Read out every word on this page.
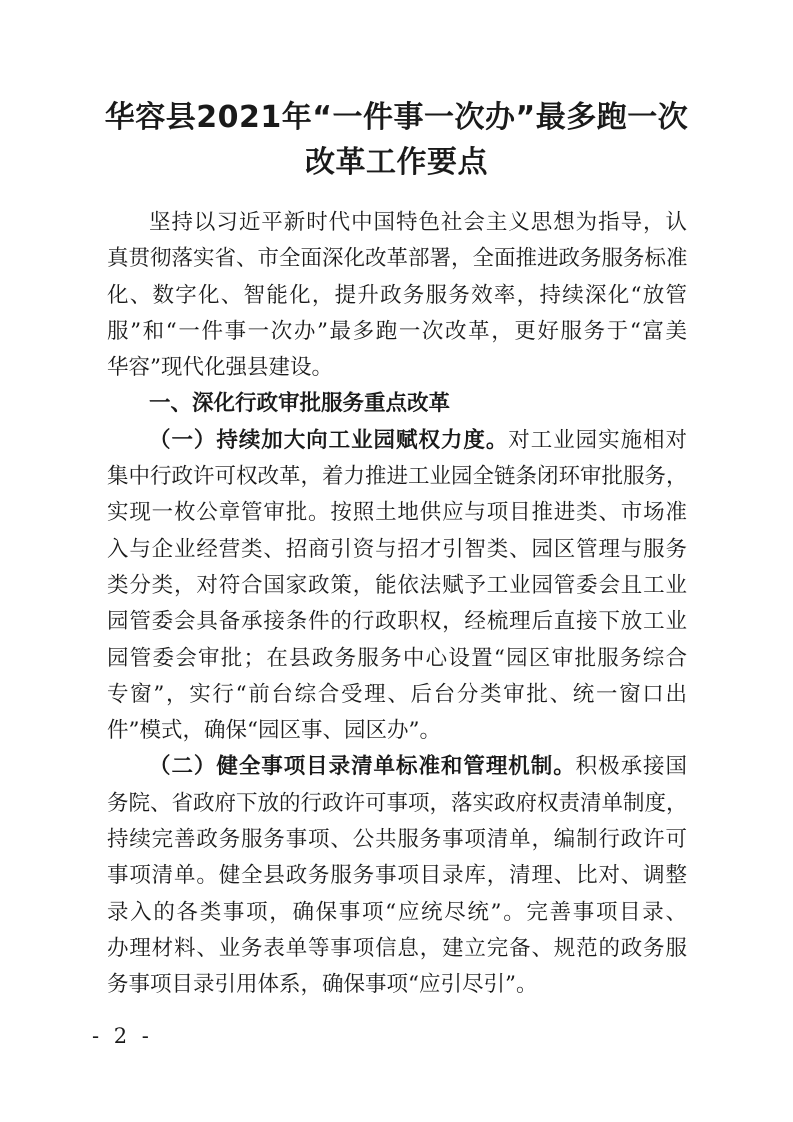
华容县2021年“一件事一次办”最多跑一次
改革工作要点
坚持以习近平新时代中国特色社会主义思想为指导，认
真贯彻落实省、市全面深化改革部署，全面推进政务服务标准
化、数字化、智能化，提升政务服务效率，持续深化“放管
服”和“一件事一次办”最多跑一次改革，更好服务于“富美
华容”现代化强县建设。
一、深化行政审批服务重点改革
（一）持续加大向工业园赋权力度。对工业园实施相对
集中行政许可权改革，着力推进工业园全链条闭环审批服务，
实现一枚公章管审批。按照土地供应与项目推进类、市场准
入与企业经营类、招商引资与招才引智类、园区管理与服务
类分类，对符合国家政策，能依法赋予工业园管委会且工业
园管委会具备承接条件的行政职权，经梳理后直接下放工业
园管委会审批；在县政务服务中心设置“园区审批服务综合
专窗”，实行“前台综合受理、后台分类审批、统一窗口出
件”模式，确保“园区事、园区办”。
（二）健全事项目录清单标准和管理机制。积极承接国
务院、省政府下放的行政许可事项，落实政府权责清单制度，
持续完善政务服务事项、公共服务事项清单，编制行政许可
事项清单。健全县政务服务事项目录库，清理、比对、调整
录入的各类事项，确保事项“应统尽统”。完善事项目录、
办理材料、业务表单等事项信息，建立完备、规范的政务服
务事项目录引用体系，确保事项“应引尽引”。
- 2 -
